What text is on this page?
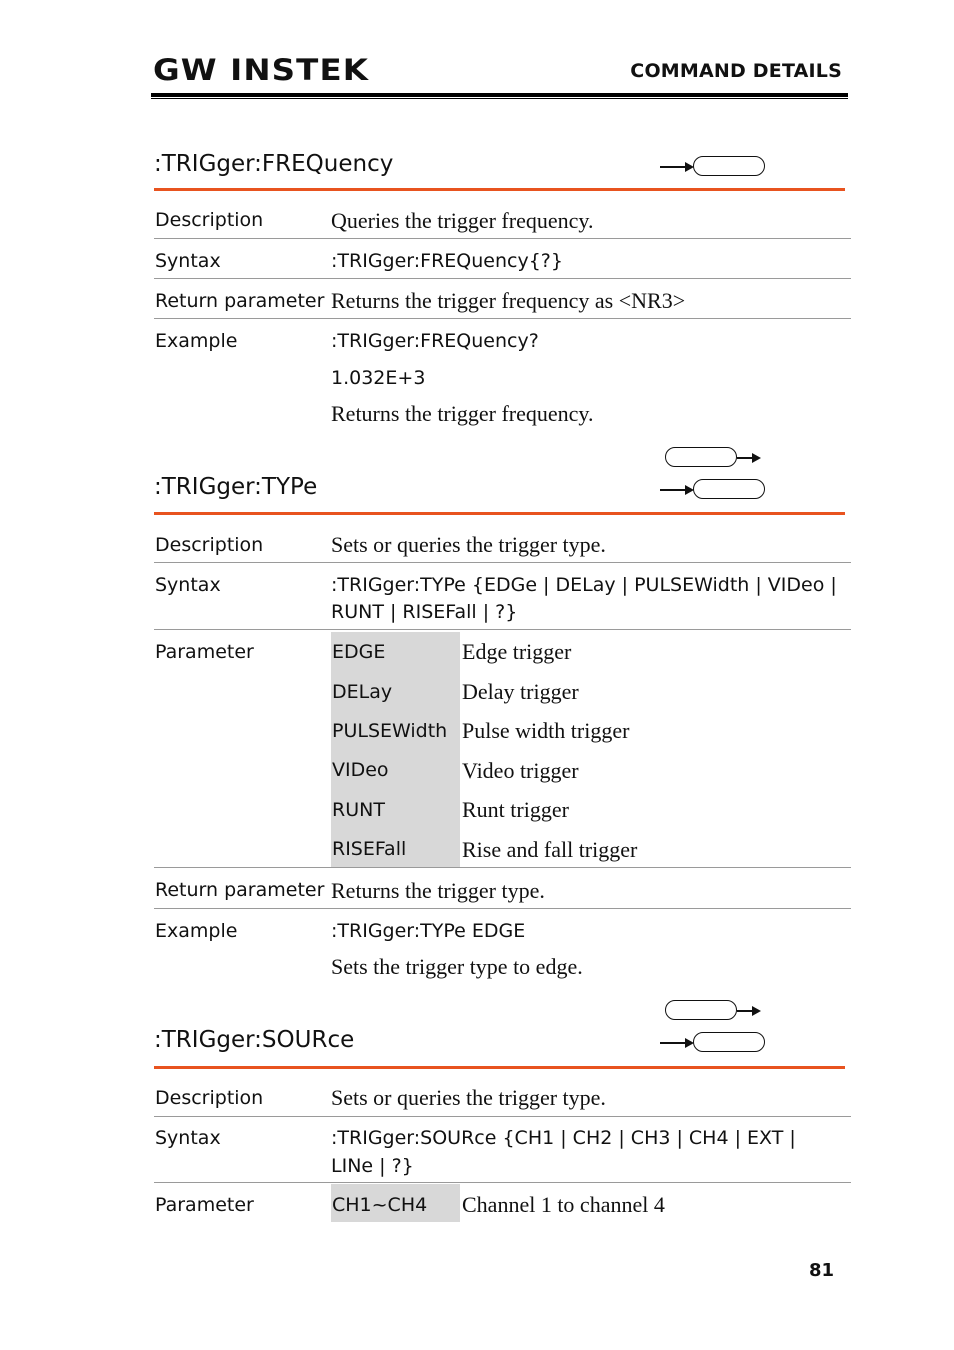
GW INSTEK	COMMAND DETAILS
:TRIGger:FREQuency
Description	Queries the trigger frequency.
Syntax	:TRIGger:FREQuency{?}
Return parameter Returns the trigger frequency as <NR3>
Example	:TRIGger:FREQuency?
1.032E+3
Returns the trigger frequency.
:TRIGger:TYPe
Description	Sets or queries the trigger type.
Syntax	:TRIGger:TYPe {EDGe | DELay | PULSEWidth | VIDeo |
RUNT | RISEFall | ?}
Parameter	EDGE	Edge trigger
DELay	Delay trigger
PULSEWidth Pulse width trigger
VIDeo	Video trigger
RUNT	Runt trigger
RISEFall	Rise and fall trigger
Return parameter Returns the trigger type.
Example	:TRIGger:TYPe EDGE
Sets the trigger type to edge.
:TRIGger:SOURce
Description	Sets or queries the trigger type.
Syntax	:TRIGger:SOURce {CH1 | CH2 | CH3 | CH4 | EXT |
LINe | ?}
Parameter	CH1~CH4 Channel 1 to channel 4
81
